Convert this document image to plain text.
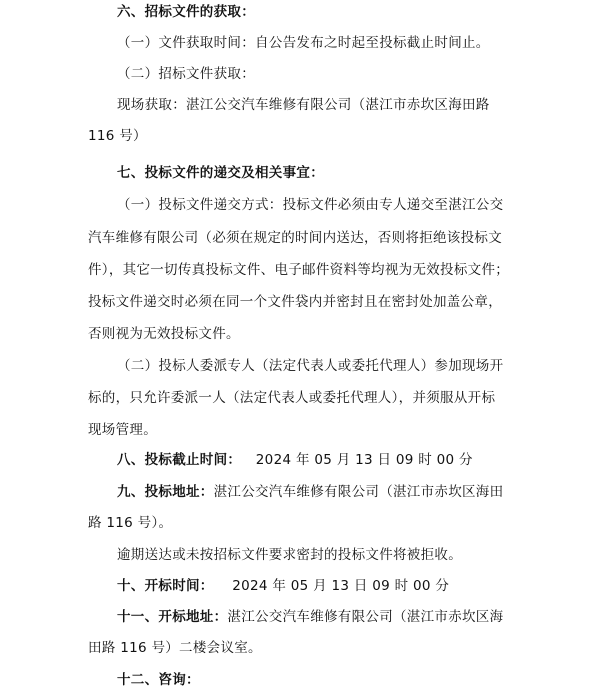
六、招标文件的获取：
（一）文件获取时间：自公告发布之时起至投标截止时间止。
（二）招标文件获取：
现场获取：湛江公交汽车维修有限公司（湛江市赤坎区海田路
116 号）
七、投标文件的递交及相关事宜：
（一）投标文件递交方式：投标文件必须由专人递交至湛江公交
汽车维修有限公司（必须在规定的时间内送达，否则将拒绝该投标文
件），其它一切传真投标文件、电子邮件资料等均视为无效投标文件；
投标文件递交时必须在同一个文件袋内并密封且在密封处加盖公章，
否则视为无效投标文件。
（二）投标人委派专人（法定代表人或委托代理人）参加现场开
标的，只允许委派一人（法定代表人或委托代理人），并须服从开标
现场管理。
八、投标截止时间： 2024 年 05 月 13 日 09 时 00 分
九、投标地址：湛江公交汽车维修有限公司（湛江市赤坎区海田
路 116 号）。
逾期送达或未按招标文件要求密封的投标文件将被拒收。
十、开标时间： 2024 年 05 月 13 日 09 时 00 分
十一、开标地址：湛江公交汽车维修有限公司（湛江市赤坎区海
田路 116 号）二楼会议室。
十二、咨询：
